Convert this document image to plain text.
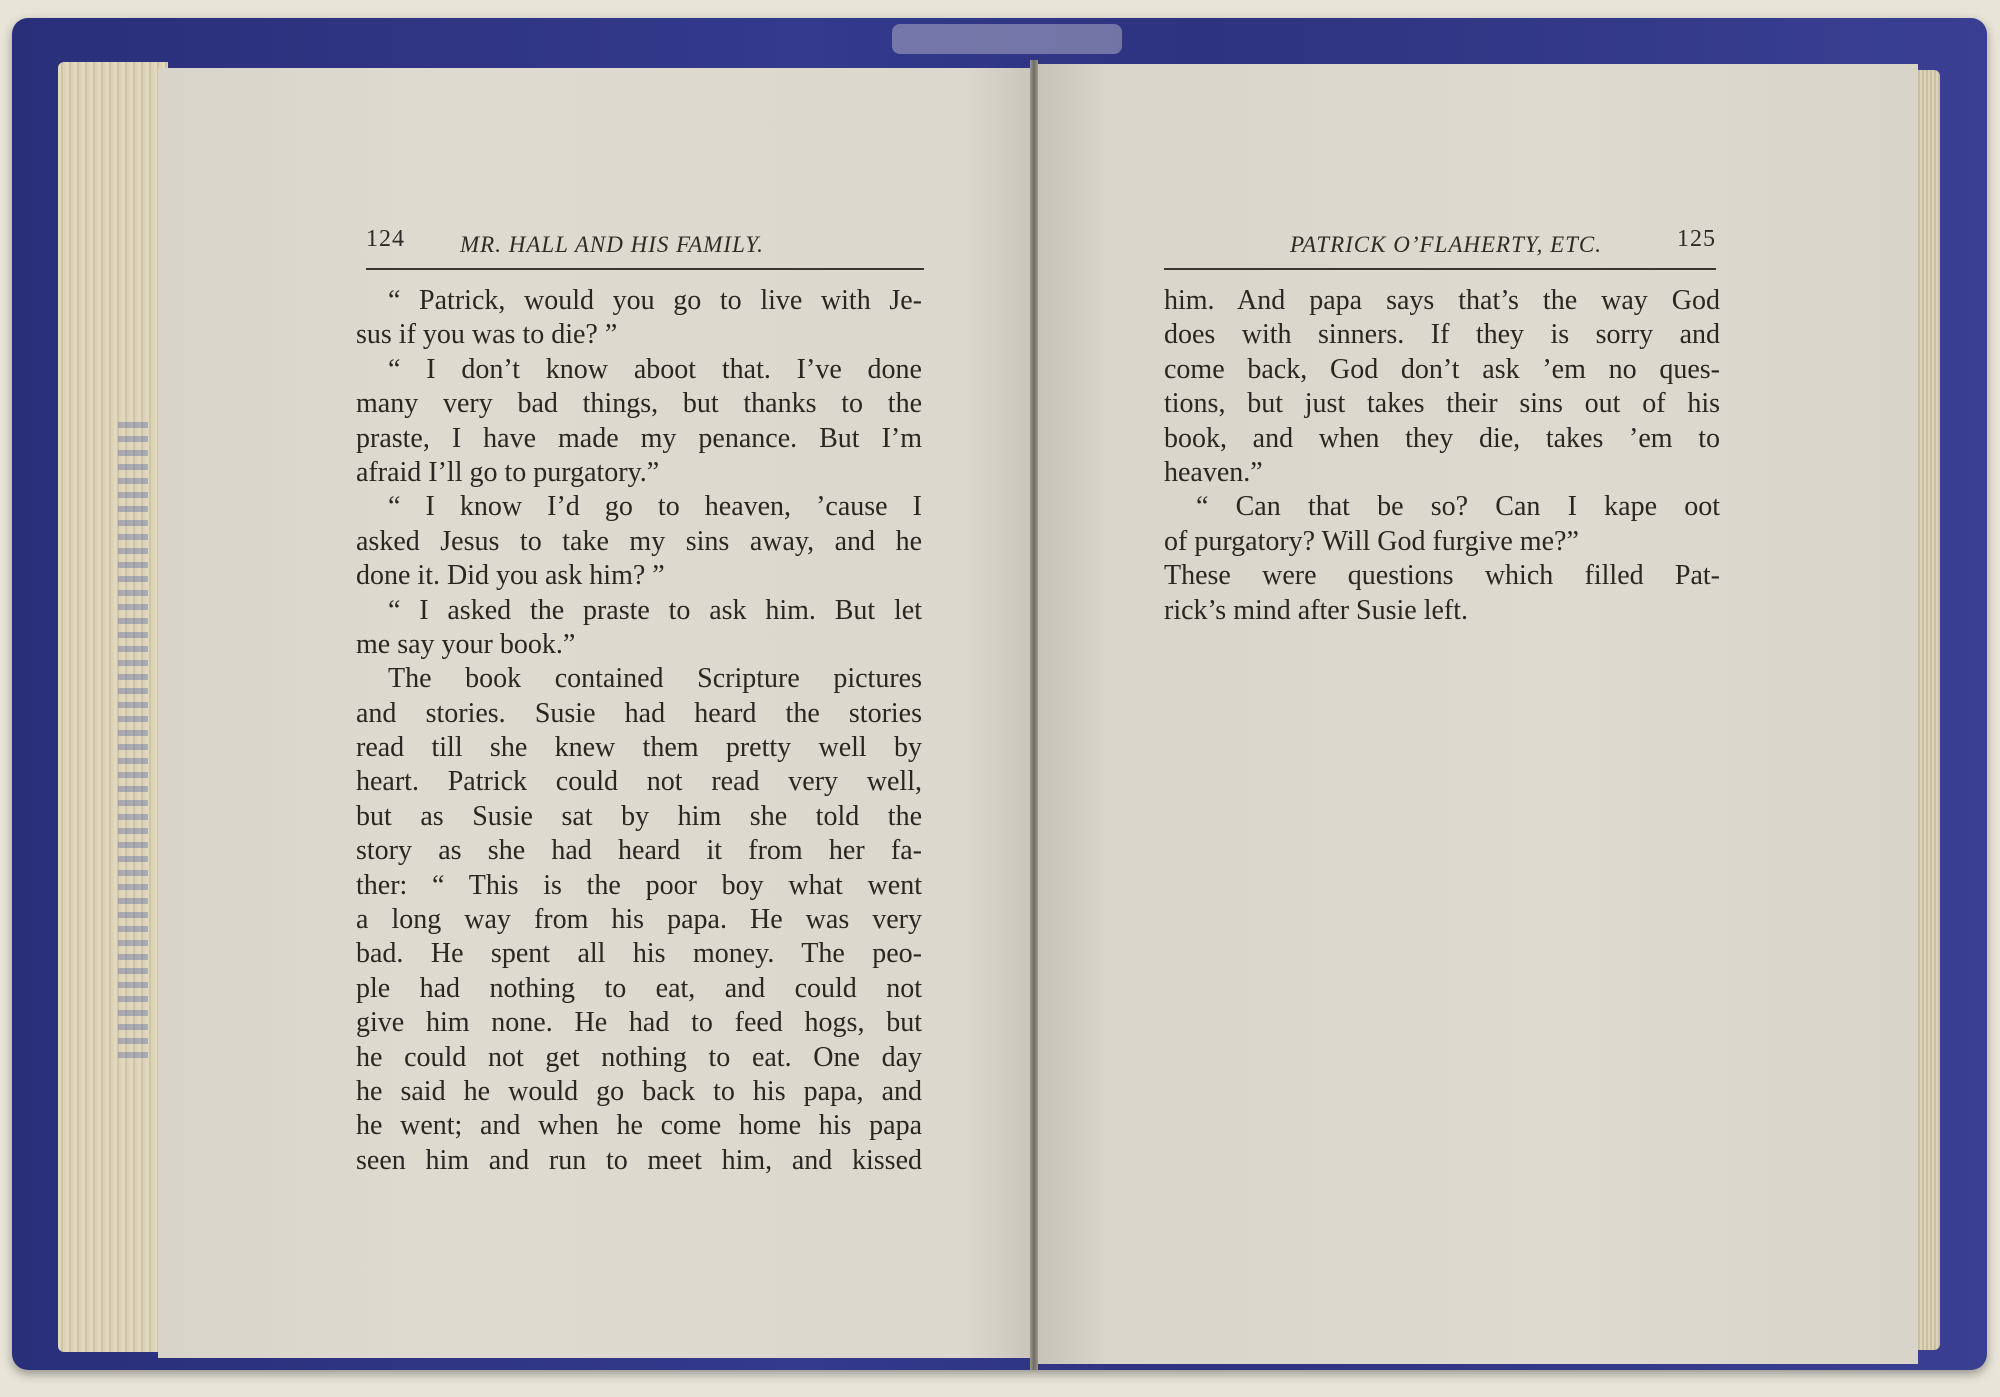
124 MR. HALL AND HIS FAMILY.	PATRICK O’FLAHERTY, ETC.	125
“ Patrick, would you go to live with Je-
sus if you was to die? ”
“ I don’t know aboot that. I’ve done
many very bad things, but thanks to the
praste, I have made my penance. But I’m
afraid I’ll go to purgatory.”
“ I know I’d go to heaven, ’cause I
asked Jesus to take my sins away, and he
done it. Did you ask him? ”
“ I asked the praste to ask him. But let
me say your book.”
The book contained Scripture pictures
and stories. Susie had heard the stories
read till she knew them pretty well by
heart. Patrick could not read very well,
but as Susie sat by him she told the
story as she had heard it from her fa-
ther: “ This is the poor boy what went
a long way from his papa. He was very
bad. He spent all his money. The peo-
ple had nothing to eat, and could not
give him none. He had to feed hogs, but
he could not get nothing to eat. One day
he said he would go back to his papa, and
he went; and when he come home his papa
seen him and run to meet him, and kissed
him. And papa says that’s the way God
does with sinners. If they is sorry and
come back, God don’t ask ’em no ques-
tions, but just takes their sins out of his
book, and when they die, takes ’em to
heaven.”
“ Can that be so? Can I kape oot
of purgatory? Will God furgive me?”
These were questions which filled Pat-
rick’s mind after Susie left.
